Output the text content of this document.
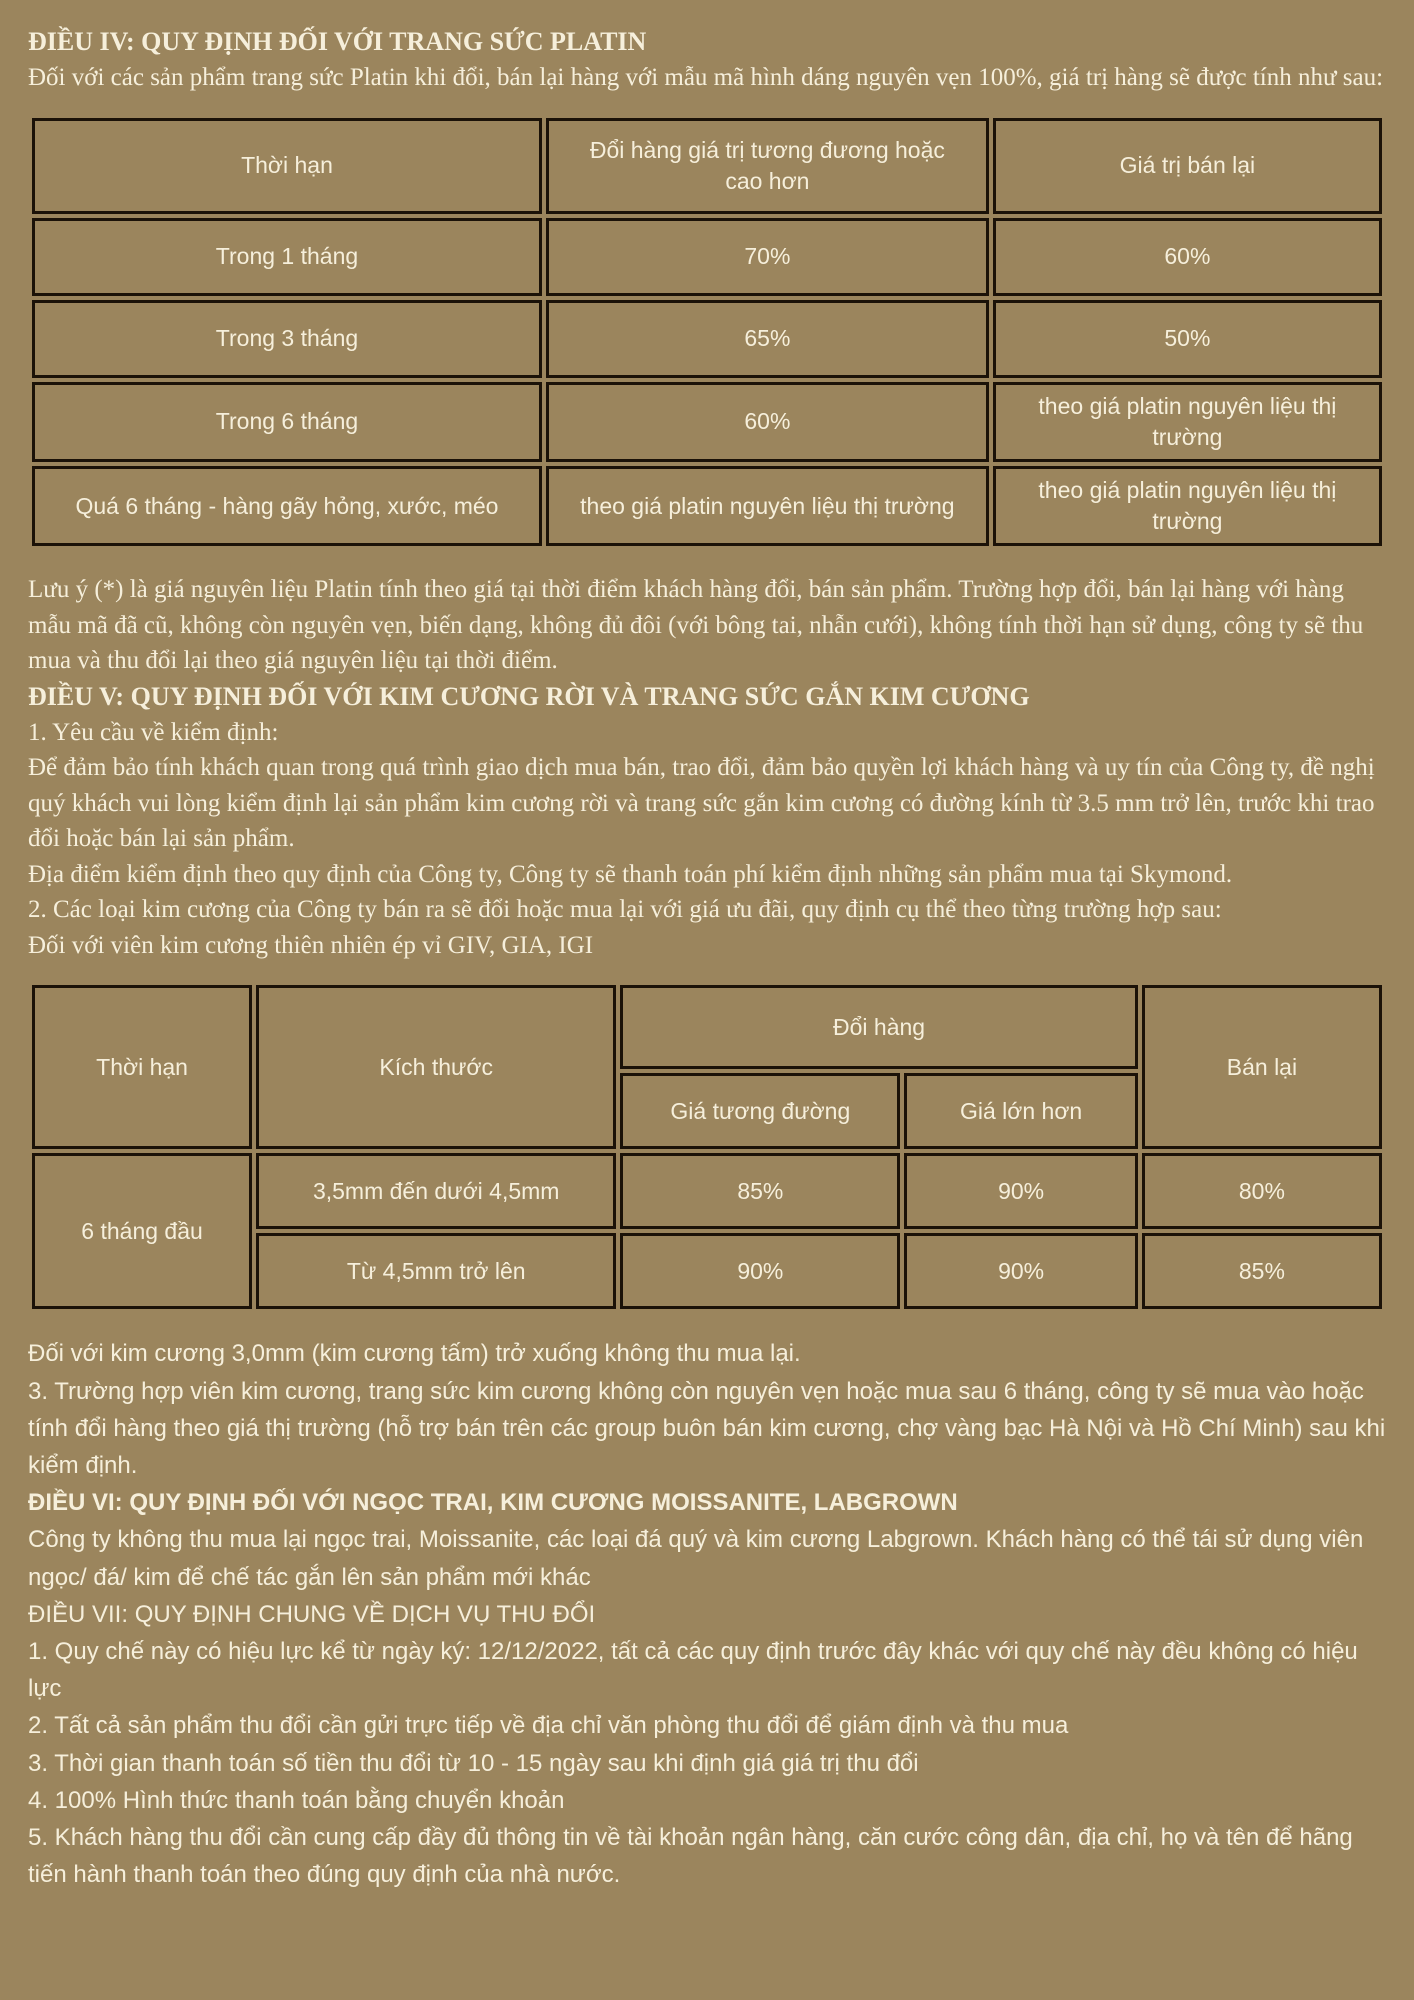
ĐIỀU IV: QUY ĐỊNH ĐỐI VỚI TRANG SỨC PLATIN

Đối với các sản phẩm trang sức Platin khi đổi, bán lại hàng với mẫu mã hình dáng nguyên vẹn 100%, giá trị hàng sẽ được tính như sau:

Thời hạn	Đổi hàng giá trị tương đương hoặc cao hơn	Giá trị bán lại
Trong 1 tháng	70%	60%
Trong 3 tháng	65%	50%
Trong 6 tháng	60%	theo giá platin nguyên liệu thị trường
Quá 6 tháng - hàng gãy hỏng, xước, méo	theo giá platin nguyên liệu thị trường	theo giá platin nguyên liệu thị trường

Lưu ý (*) là giá nguyên liệu Platin tính theo giá tại thời điểm khách hàng đổi, bán sản phẩm. Trường hợp đổi, bán lại hàng với hàng mẫu mã đã cũ, không còn nguyên vẹn, biến dạng, không đủ đôi (với bông tai, nhẫn cưới), không tính thời hạn sử dụng, công ty sẽ thu mua và thu đổi lại theo giá nguyên liệu tại thời điểm.

ĐIỀU V: QUY ĐỊNH ĐỐI VỚI KIM CƯƠNG RỜI VÀ TRANG SỨC GẮN KIM CƯƠNG

1. Yêu cầu về kiểm định:

Để đảm bảo tính khách quan trong quá trình giao dịch mua bán, trao đổi, đảm bảo quyền lợi khách hàng và uy tín của Công ty, đề nghị quý khách vui lòng kiểm định lại sản phẩm kim cương rời và trang sức gắn kim cương có đường kính từ 3.5 mm trở lên, trước khi trao đổi hoặc bán lại sản phẩm.

Địa điểm kiểm định theo quy định của Công ty, Công ty sẽ thanh toán phí kiểm định những sản phẩm mua tại Skymond.

2. Các loại kim cương của Công ty bán ra sẽ đổi hoặc mua lại với giá ưu đãi, quy định cụ thể theo từng trường hợp sau:

Đối với viên kim cương thiên nhiên ép vỉ GIV, GIA, IGI

Thời hạn	Kích thước	Đổi hàng		Bán lại
		Giá tương đường	Giá lớn hơn	
6 tháng đầu	3,5mm đến dưới 4,5mm	85%	90%	80%
	Từ 4,5mm trở lên	90%	90%	85%

Đối với kim cương 3,0mm (kim cương tấm) trở xuống không thu mua lại.

3. Trường hợp viên kim cương, trang sức kim cương không còn nguyên vẹn hoặc mua sau 6 tháng, công ty sẽ mua vào hoặc tính đổi hàng theo giá thị trường (hỗ trợ bán trên các group buôn bán kim cương, chợ vàng bạc Hà Nội và Hồ Chí Minh) sau khi kiểm định.

ĐIỀU VI: QUY ĐỊNH ĐỐI VỚI NGỌC TRAI, KIM CƯƠNG MOISSANITE, LABGROWN

Công ty không thu mua lại ngọc trai, Moissanite, các loại đá quý và kim cương Labgrown. Khách hàng có thể tái sử dụng viên ngọc/ đá/ kim để chế tác gắn lên sản phẩm mới khác

ĐIỀU VII: QUY ĐỊNH CHUNG VỀ DỊCH VỤ THU ĐỔI

1. Quy chế này có hiệu lực kể từ ngày ký: 12/12/2022, tất cả các quy định trước đây khác với quy chế này đều không có hiệu lực

2. Tất cả sản phẩm thu đổi cần gửi trực tiếp về địa chỉ văn phòng thu đổi để giám định và thu mua

3. Thời gian thanh toán số tiền thu đổi từ 10 - 15 ngày sau khi định giá giá trị thu đổi

4. 100% Hình thức thanh toán bằng chuyển khoản

5. Khách hàng thu đổi cần cung cấp đầy đủ thông tin về tài khoản ngân hàng, căn cước công dân, địa chỉ, họ và tên để hãng tiến hành thanh toán theo đúng quy định của nhà nước.
